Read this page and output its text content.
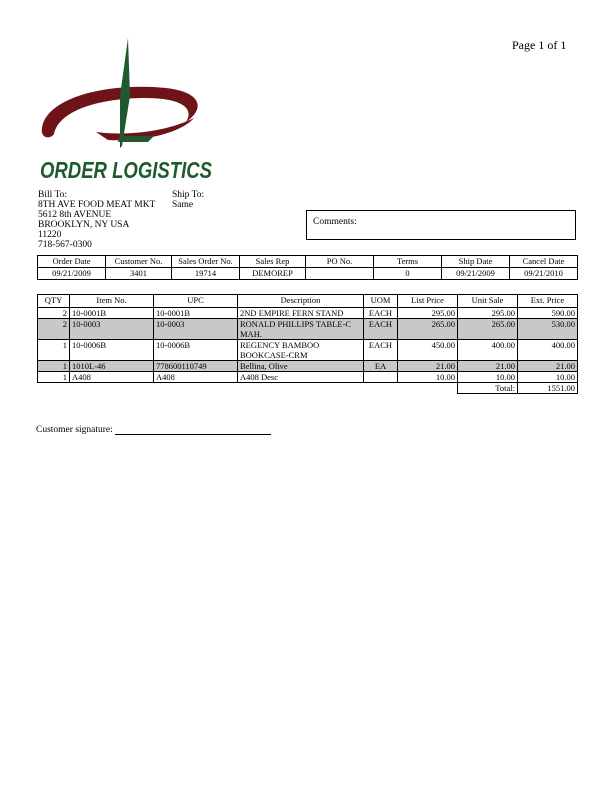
Page 1 of 1
ORDER LOGISTICS
Bill To:
8TH AVE FOOD MEAT MKT
5612 8th AVENUE
BROOKLYN, NY USA
11220
718-567-0300
Ship To:
Same
Comments:
Order Date	Customer No.	Sales Order No.	Sales Rep	PO No.	Terms	Ship Date	Cancel Date
09/21/2009	3401	19714	DEMOREP		0	09/21/2009	09/21/2010
QTY	Item No.	UPC	Description	UOM	List Price	Unit Sale	Ext. Price
2	10-0001B	10-0001B	2ND EMPIRE FERN STAND	EACH	295.00	295.00	590.00
2	10-0003	10-0003	RONALD PHILLIPS TABLE-C MAH.	EACH	265.00	265.00	530.00
1	10-0006B	10-0006B	REGENCY BAMBOO BOOKCASE-CRM	EACH	450.00	400.00	400.00
1	1010L-46	778600110749	Bellina, Olive	EA	21.00	21.00	21.00
1	A408	A408	A408 Desc		10.00	10.00	10.00
						Total:	1551.00
Customer signature:
